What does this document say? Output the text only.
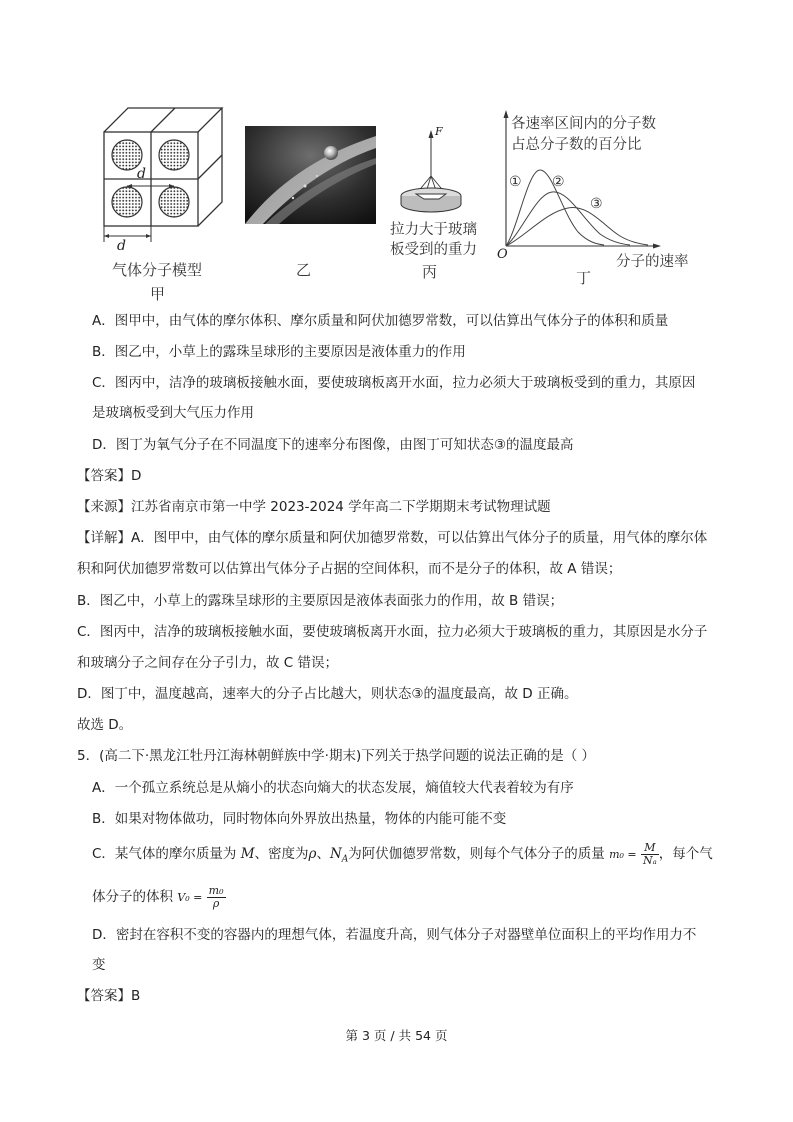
d
d
气体分子模型
甲
乙
F
拉力大于玻璃
板受到的重力
丙
各速率区间内的分子数
占总分子数的百分比
① ②
③
O	分子的速率
丁
A．图甲中，由气体的摩尔体积、摩尔质量和阿伏加德罗常数，可以估算出气体分子的体积和质量
B．图乙中，小草上的露珠呈球形的主要原因是液体重力的作用
C．图丙中，洁净的玻璃板接触水面，要使玻璃板离开水面，拉力必须大于玻璃板受到的重力，其原因
是玻璃板受到大气压力作用
D．图丁为氧气分子在不同温度下的速率分布图像，由图丁可知状态③的温度最高
【答案】D
【来源】江苏省南京市第一中学 2023-2024 学年高二下学期期末考试物理试题
【详解】A．图甲中，由气体的摩尔质量和阿伏加德罗常数，可以估算出气体分子的质量，用气体的摩尔体
积和阿伏加德罗常数可以估算出气体分子占据的空间体积，而不是分子的体积，故 A 错误；
B．图乙中，小草上的露珠呈球形的主要原因是液体表面张力的作用，故 B 错误；
C．图丙中，洁净的玻璃板接触水面，要使玻璃板离开水面，拉力必须大于玻璃板的重力，其原因是水分子
和玻璃分子之间存在分子引力，故 C 错误；
D．图丁中，温度越高，速率大的分子占比越大，则状态③的温度最高，故 D 正确。
故选 D。
5．(高二下·黑龙江牡丹江海林朝鲜族中学·期末)下列关于热学问题的说法正确的是（ ）
A．一个孤立系统总是从熵小的状态向熵大的状态发展，熵值较大代表着较为有序
B．如果对物体做功，同时物体向外界放出热量，物体的内能可能不变
C．某气体的摩尔质量为 M、密度为ρ、$N_A$为阿伏伽德罗常数，则每个气体分子的质量 $m_0 = \frac{M}{\text{Nₐ}}$ ，每个气
体分子的体积 $V_0 = \frac{\text{m₀}}{\rho}$
D．密封在容积不变的容器内的理想气体，若温度升高，则气体分子对器壁单位面积上的平均作用力不
变
【答案】B
第 3 页 / 共 54 页
